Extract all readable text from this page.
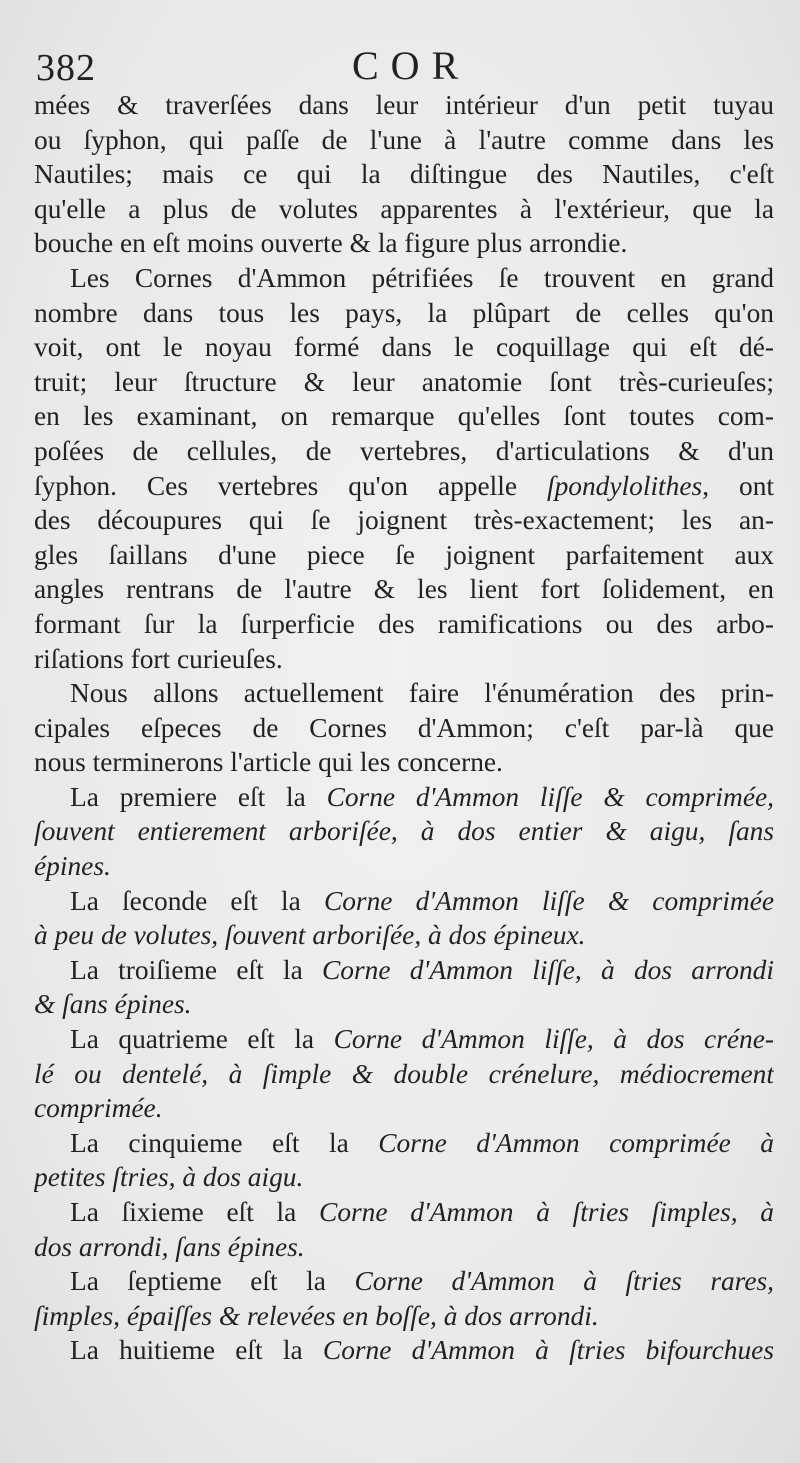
382	COR
mées & traverſées dans leur intérieur d'un petit tuyau
ou ſyphon, qui paſſe de l'une à l'autre comme dans les
Nautiles; mais ce qui la diſtingue des Nautiles, c'eſt
qu'elle a plus de volutes apparentes à l'extérieur, que la
bouche en eſt moins ouverte & la figure plus arrondie.
Les Cornes d'Ammon pétrifiées ſe trouvent en grand
nombre dans tous les pays, la plûpart de celles qu'on
voit, ont le noyau formé dans le coquillage qui eſt dé-
truit; leur ſtructure & leur anatomie ſont très-curieuſes;
en les examinant, on remarque qu'elles ſont toutes com-
poſées de cellules, de vertebres, d'articulations & d'un
ſyphon. Ces vertebres qu'on appelle ſpondylolithes, ont
des découpures qui ſe joignent très-exactement; les an-
gles ſaillans d'une piece ſe joignent parfaitement aux
angles rentrans de l'autre & les lient fort ſolidement, en
formant ſur la ſurperficie des ramifications ou des arbo-
riſations fort curieuſes.
Nous allons actuellement faire l'énumération des prin-
cipales eſpeces de Cornes d'Ammon; c'eſt par-là que
nous terminerons l'article qui les concerne.
La premiere eſt la Corne d'Ammon liſſe & comprimée,
ſouvent entierement arboriſée, à dos entier & aigu, ſans
épines.
La ſeconde eſt la Corne d'Ammon liſſe & comprimée
à peu de volutes, ſouvent arboriſée, à dos épineux.
La troiſieme eſt la Corne d'Ammon liſſe, à dos arrondi
& ſans épines.
La quatrieme eſt la Corne d'Ammon liſſe, à dos créne-
lé ou dentelé, à ſimple & double crénelure, médiocrement
comprimée.
La cinquieme eſt la Corne d'Ammon comprimée à
petites ſtries, à dos aigu.
La ſixieme eſt la Corne d'Ammon à ſtries ſimples, à
dos arrondi, ſans épines.
La ſeptieme eſt la Corne d'Ammon à ſtries rares,
ſimples, épaiſſes & relevées en boſſe, à dos arrondi.
La huitieme eſt la Corne d'Ammon à ſtries bifourchues
